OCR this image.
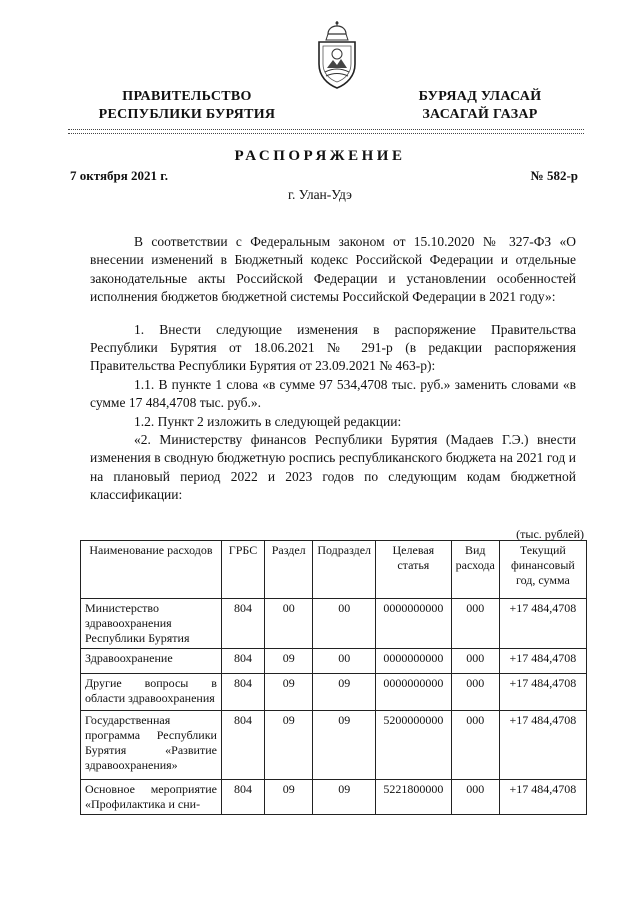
ПРАВИТЕЛЬСТВО
РЕСПУБЛИКИ БУРЯТИЯ
БУРЯАД УЛАСАЙ
ЗАСАГАЙ ГАЗАР
РАСПОРЯЖЕНИЕ
7 октября 2021 г.	№ 582-р
г. Улан-Удэ

В соответствии с Федеральным законом от 15.10.2020 № 327-ФЗ «О внесении изменений в Бюджетный кодекс Российской Федерации и отдельные законодательные акты Российской Федерации и установлении особенностей исполнения бюджетов бюджетной системы Российской Федерации в 2021 году»:

1. Внести следующие изменения в распоряжение Правительства Республики Бурятия от 18.06.2021 № 291-р (в редакции распоряжения Правительства Республики Бурятия от 23.09.2021 № 463-р):

1.1. В пункте 1 слова «в сумме 97 534,4708 тыс. руб.» заменить словами «в сумме 17 484,4708 тыс. руб.».

1.2. Пункт 2 изложить в следующей редакции:

«2. Министерству финансов Республики Бурятия (Мадаев Г.Э.) внести изменения в сводную бюджетную роспись республиканского бюджета на 2021 год и на плановый период 2022 и 2023 годов по следующим кодам бюджетной классификации:

(тыс. рублей)
Наименование расходов	ГРБС	Раздел	Подраздел	Целевая статья	Вид расхода	Текущий финансовый год, сумма
Министерство здравоохранения Республики Бурятия	804	00	00	0000000000	000	+17 484,4708
Здравоохранение	804	09	00	0000000000	000	+17 484,4708
Другие вопросы в области здравоохранения	804	09	09	0000000000	000	+17 484,4708
Государственная программа Республики Бурятия «Развитие здравоохранения»	804	09	09	5200000000	000	+17 484,4708
Основное мероприятие «Профилактика и сни-	804	09	09	5221800000	000	+17 484,4708
